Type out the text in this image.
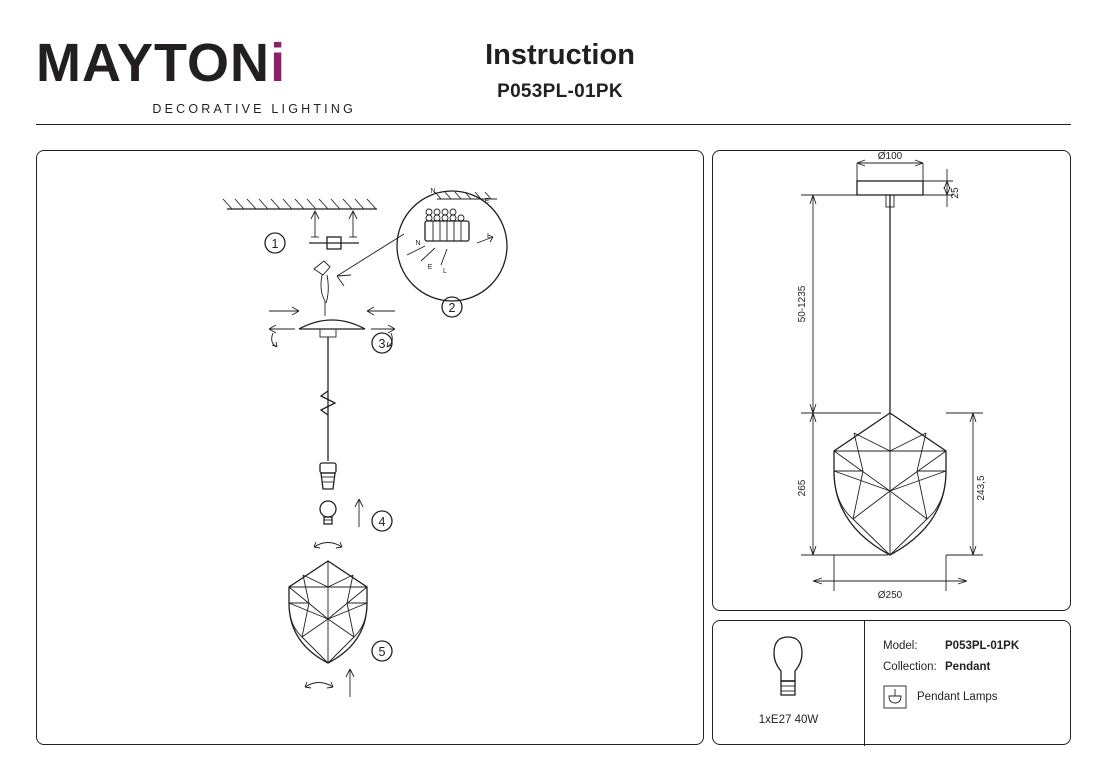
MAYTONi
DECORATIVE LIGHTING
Instruction
P053PL-01PK
1
N
E
L
N
E
L
2
3
4
5
Ø100
25
50-1235
265	243,5
Ø250
1xE27 40W
Model:	P053PL-01PK
Collection: Pendant
Pendant Lamps
